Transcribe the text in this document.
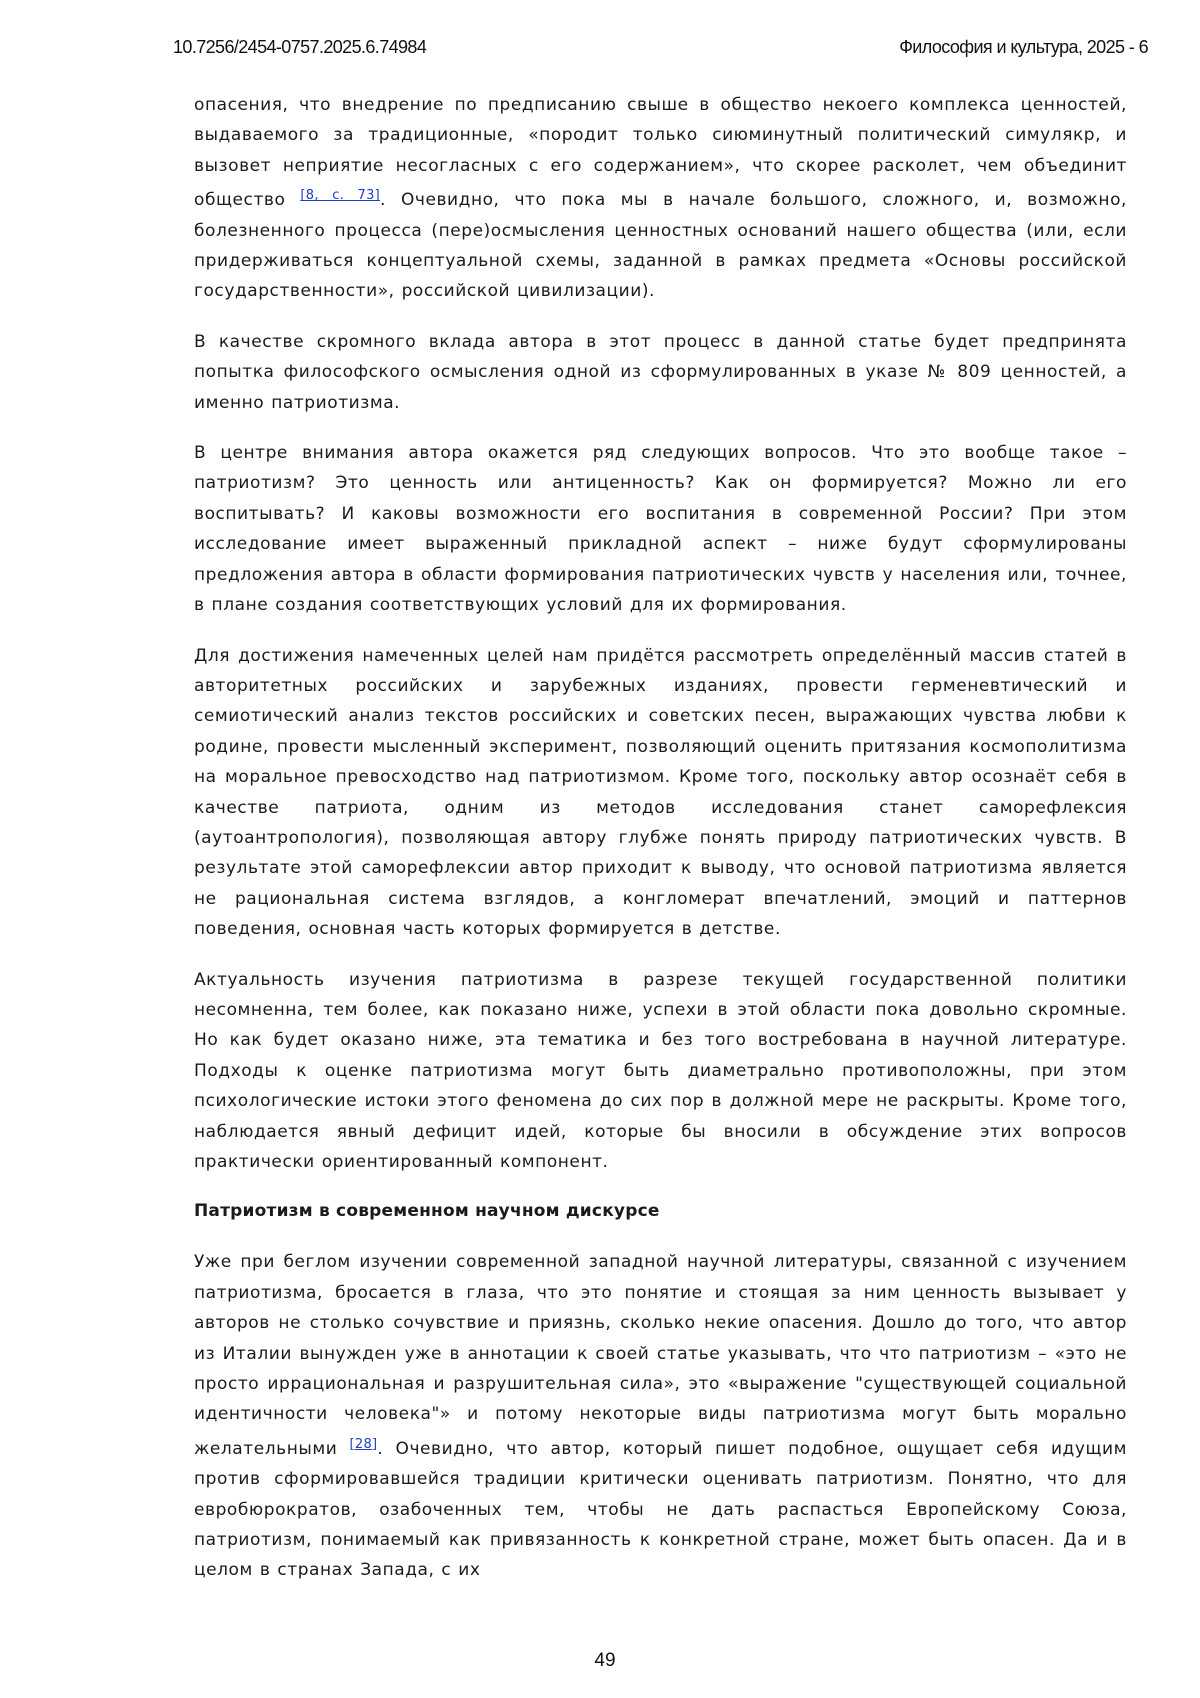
10.7256/2454-0757.2025.6.74984	Философия и культура, 2025 - 6

опасения, что внедрение по предписанию свыше в общество некоего комплекса ценностей, выдаваемого за традиционные, «породит только сиюминутный политический симулякр, и вызовет неприятие несогласных с его содержанием», что скорее расколет, чем объединит общество [8, с. 73]. Очевидно, что пока мы в начале большого, сложного, и, возможно, болезненного процесса (пере)осмысления ценностных оснований нашего общества (или, если придерживаться концептуальной схемы, заданной в рамках предмета «Основы российской государственности», российской цивилизации).

В качестве скромного вклада автора в этот процесс в данной статье будет предпринята попытка философского осмысления одной из сформулированных в указе № 809 ценностей, а именно патриотизма.

В центре внимания автора окажется ряд следующих вопросов. Что это вообще такое – патриотизм? Это ценность или антиценность? Как он формируется? Можно ли его воспитывать? И каковы возможности его воспитания в современной России? При этом исследование имеет выраженный прикладной аспект – ниже будут сформулированы предложения автора в области формирования патриотических чувств у населения или, точнее, в плане создания соответствующих условий для их формирования.

Для достижения намеченных целей нам придётся рассмотреть определённый массив статей в авторитетных российских и зарубежных изданиях, провести герменевтический и семиотический анализ текстов российских и советских песен, выражающих чувства любви к родине, провести мысленный эксперимент, позволяющий оценить притязания космополитизма на моральное превосходство над патриотизмом. Кроме того, поскольку автор осознаёт себя в качестве патриота, одним из методов исследования станет саморефлексия (аутоантропология), позволяющая автору глубже понять природу патриотических чувств. В результате этой саморефлексии автор приходит к выводу, что основой патриотизма является не рациональная система взглядов, а конгломерат впечатлений, эмоций и паттернов поведения, основная часть которых формируется в детстве.

Актуальность изучения патриотизма в разрезе текущей государственной политики несомненна, тем более, как показано ниже, успехи в этой области пока довольно скромные. Но как будет оказано ниже, эта тематика и без того востребована в научной литературе. Подходы к оценке патриотизма могут быть диаметрально противоположны, при этом психологические истоки этого феномена до сих пор в должной мере не раскрыты. Кроме того, наблюдается явный дефицит идей, которые бы вносили в обсуждение этих вопросов практически ориентированный компонент.

Патриотизм в современном научном дискурсе

Уже при беглом изучении современной западной научной литературы, связанной с изучением патриотизма, бросается в глаза, что это понятие и стоящая за ним ценность вызывает у авторов не столько сочувствие и приязнь, сколько некие опасения. Дошло до того, что автор из Италии вынужден уже в аннотации к своей статье указывать, что что патриотизм – «это не просто иррациональная и разрушительная сила», это «выражение "существующей социальной идентичности человека"» и потому некоторые виды патриотизма могут быть морально желательными [28]. Очевидно, что автор, который пишет подобное, ощущает себя идущим против сформировавшейся традиции критически оценивать патриотизм. Понятно, что для евробюрократов, озабоченных тем, чтобы не дать распасться Европейскому Союза, патриотизм, понимаемый как привязанность к конкретной стране, может быть опасен. Да и в целом в странах Запада, с их

49
